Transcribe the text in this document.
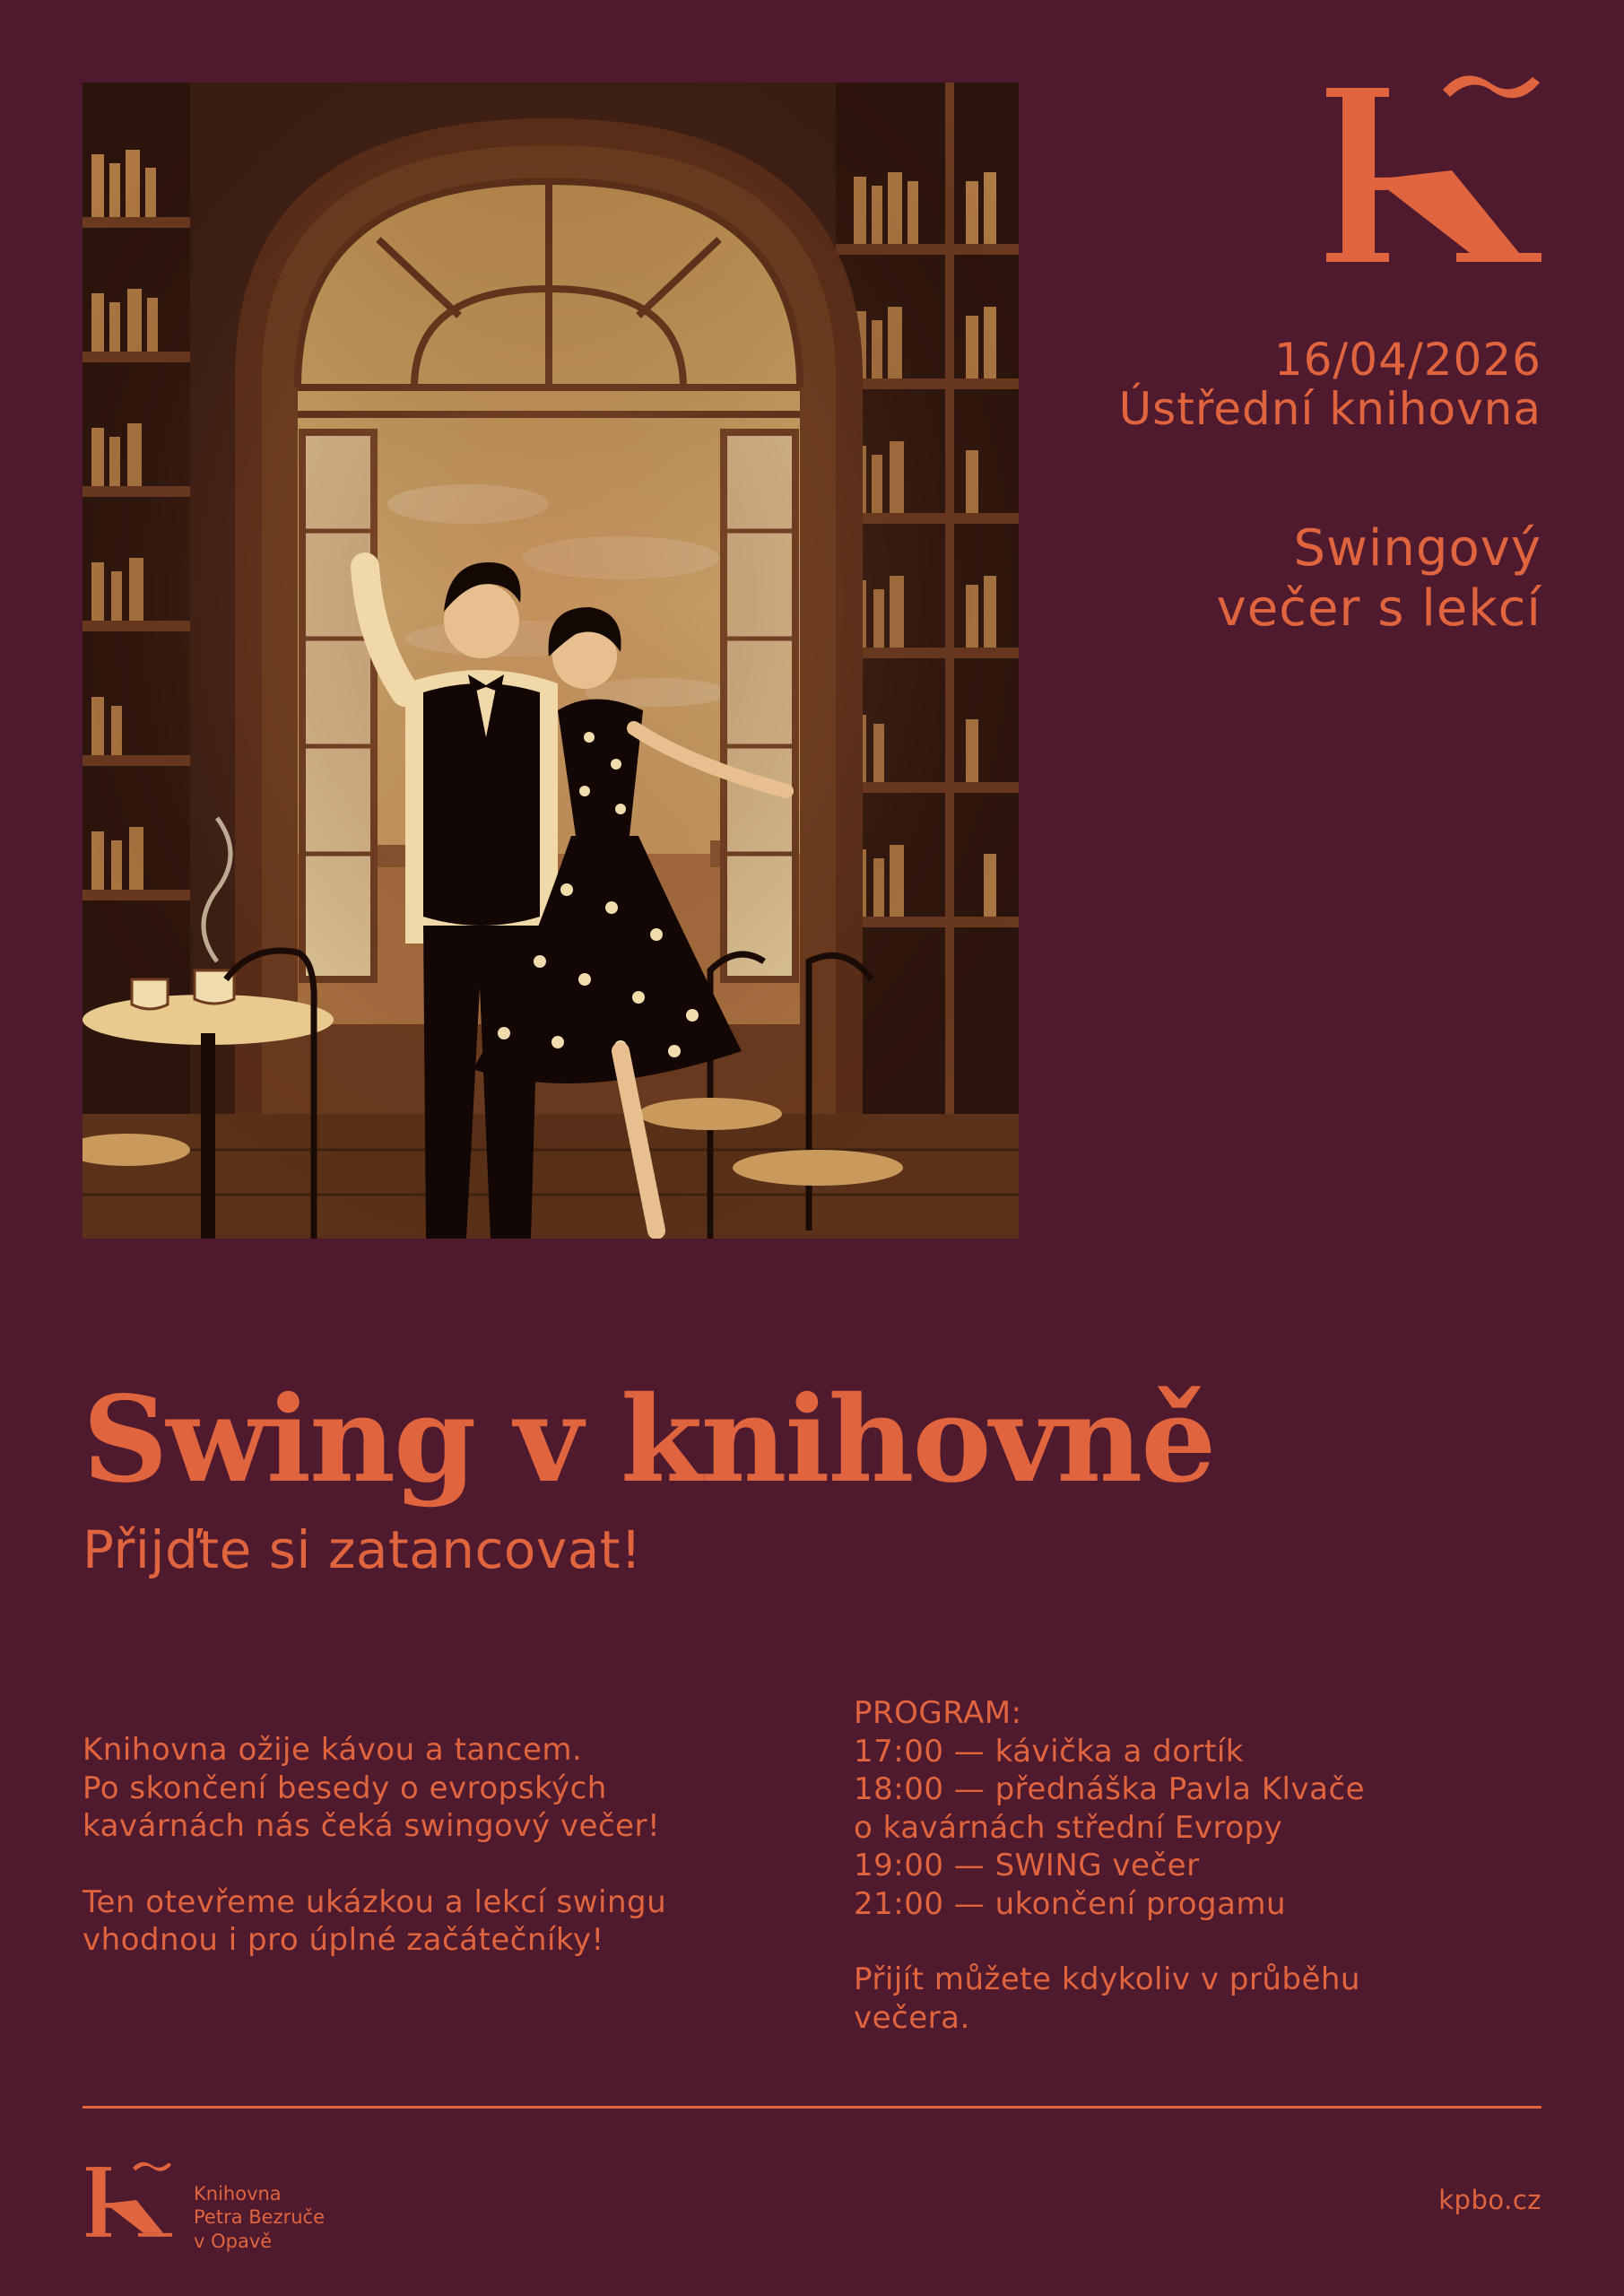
16/04/2026
Ústřední knihovna
Swingový
večer s lekcí
Swing v knihovně
Přijďte si zatancovat!

Knihovna ožije kávou a tancem.
Po skončení besedy o evropských
kavárnách nás čeká swingový večer!

Ten otevřeme ukázkou a lekcí swingu
vhodnou i pro úplné začátečníky!

PROGRAM:
17:00 — kávička a dortík
18:00 — přednáška Pavla Klvače
o kavárnách střední Evropy
19:00 — SWING večer
21:00 — ukončení progamu
Přijít můžete kdykoliv v průběhu
večera.
Knihovna
Petra Bezruče
v Opavě
kpbo.cz
